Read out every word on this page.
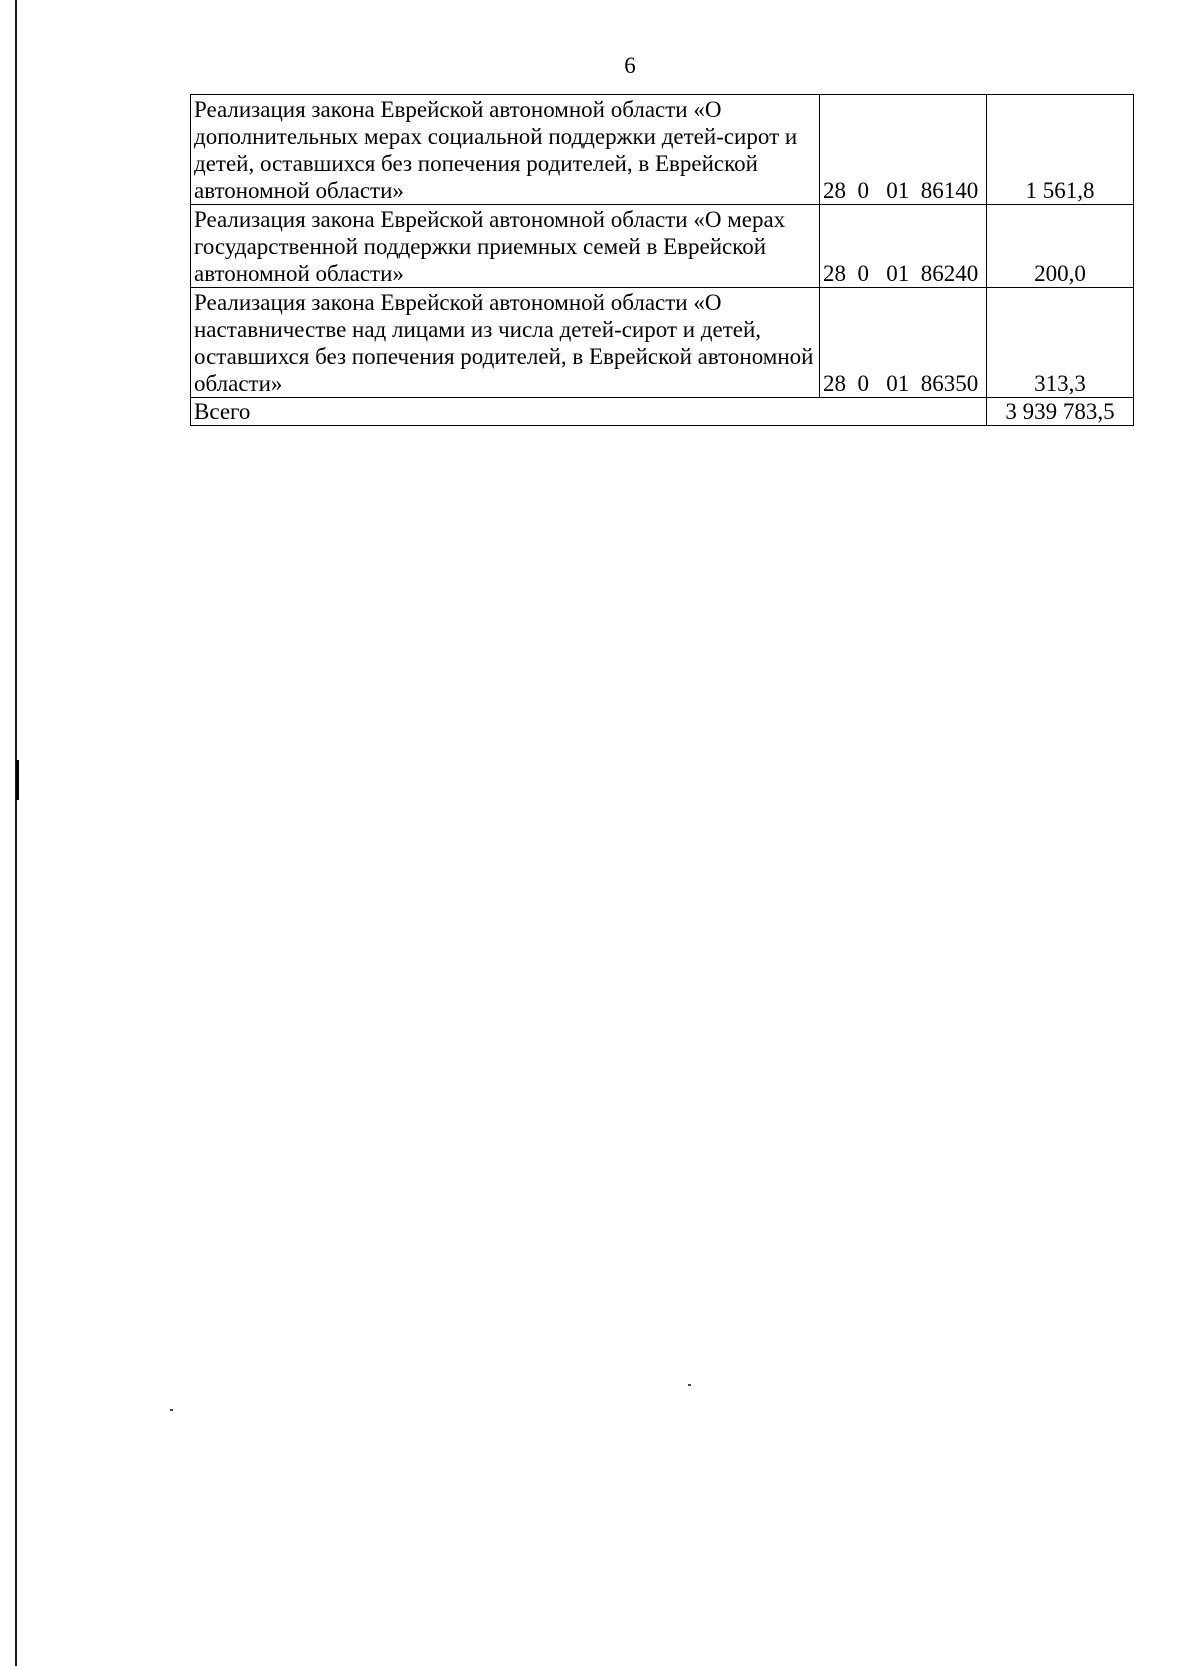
6
Реализация закона Еврейской автономной области «О дополнительных мерах социальной поддержки детей-сирот и детей, оставшихся без попечения родителей, в Еврейской автономной области»	28  0   01  86140	1 561,8
Реализация закона Еврейской автономной области «О мерах государственной поддержки приемных семей в Еврейской автономной области»	28  0   01  86240	200,0
Реализация закона Еврейской автономной области «О наставничестве над лицами из числа детей-сирот и детей, оставшихся без попечения родителей, в Еврейской автономной области»	28  0   01  86350	313,3
Всего		3 939 783,5
